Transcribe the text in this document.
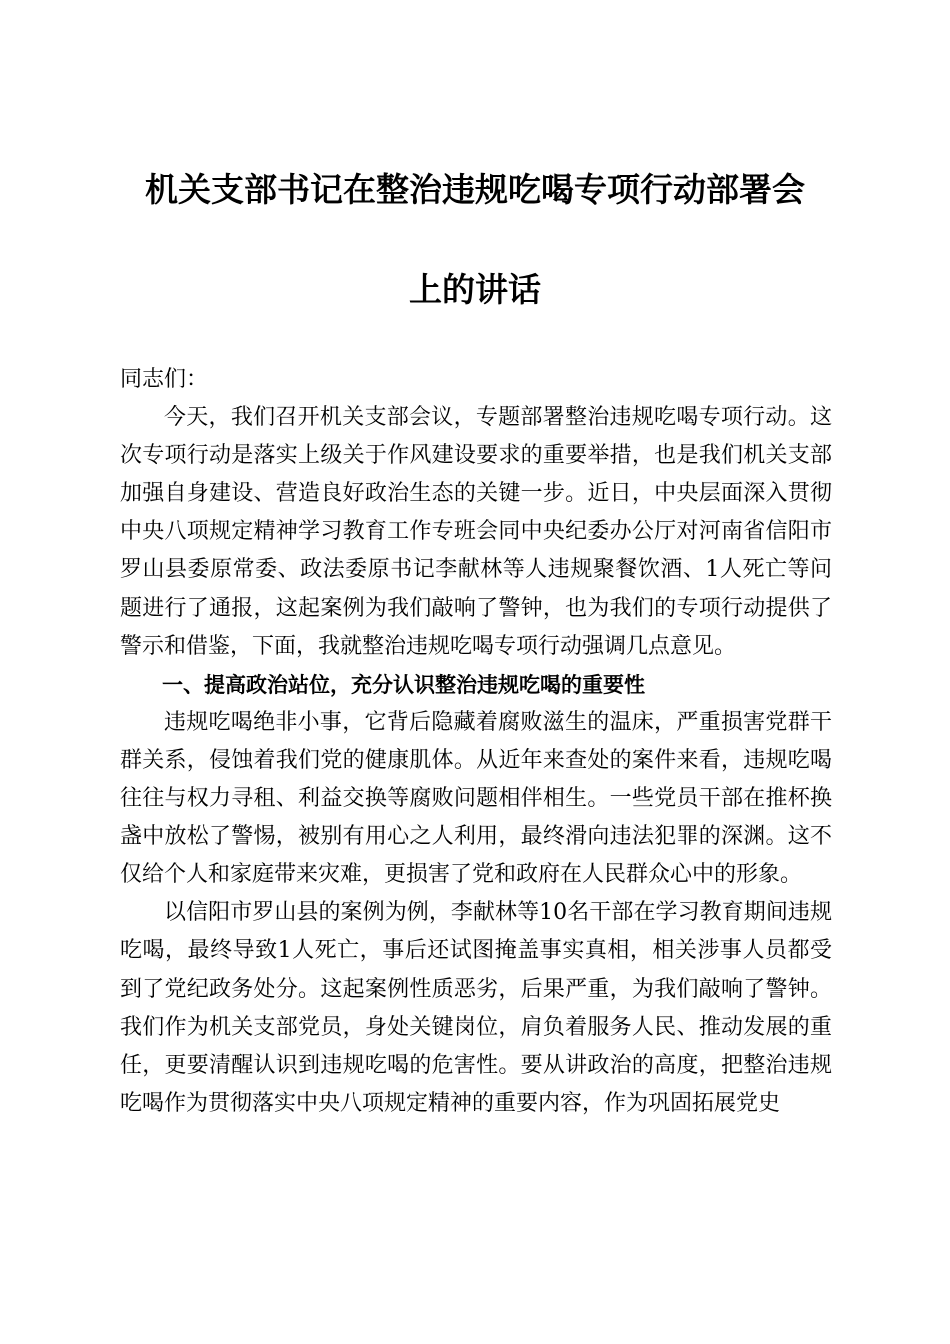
机关支部书记在整治违规吃喝专项行动部署会
上的讲话

同志们：

今天，我们召开机关支部会议，专题部署整治违规吃喝专项行动。这次专项行动是落实上级关于作风建设要求的重要举措，也是我们机关支部加强自身建设、营造良好政治生态的关键一步。近日，中央层面深入贯彻中央八项规定精神学习教育工作专班会同中央纪委办公厅对河南省信阳市罗山县委原常委、政法委原书记李献林等人违规聚餐饮酒、1人死亡等问题进行了通报，这起案例为我们敲响了警钟，也为我们的专项行动提供了警示和借鉴，下面，我就整治违规吃喝专项行动强调几点意见。

一、提高政治站位，充分认识整治违规吃喝的重要性

违规吃喝绝非小事，它背后隐藏着腐败滋生的温床，严重损害党群干群关系，侵蚀着我们党的健康肌体。从近年来查处的案件来看，违规吃喝往往与权力寻租、利益交换等腐败问题相伴相生。一些党员干部在推杯换盏中放松了警惕，被别有用心之人利用，最终滑向违法犯罪的深渊。这不仅给个人和家庭带来灾难，更损害了党和政府在人民群众心中的形象。

以信阳市罗山县的案例为例，李献林等10名干部在学习教育期间违规吃喝，最终导致1人死亡，事后还试图掩盖事实真相，相关涉事人员都受到了党纪政务处分。这起案例性质恶劣，后果严重，为我们敲响了警钟。我们作为机关支部党员，身处关键岗位，肩负着服务人民、推动发展的重任，更要清醒认识到违规吃喝的危害性。要从讲政治的高度，把整治违规吃喝作为贯彻落实中央八项规定精神的重要内容，作为巩固拓展党史
